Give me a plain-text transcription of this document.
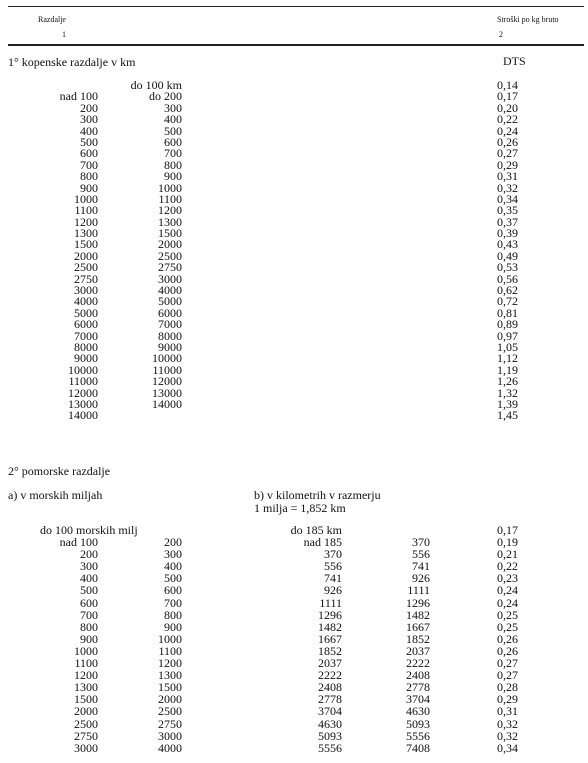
Razdalje
1
Stroški po kg bruto
2
1° kopenske razdalje v km	DTS
nad 100
200
300
400
500
600
700
800
900
1000
1100
1200
1300
1500
2000
2500
2750
3000
4000
5000
6000
7000
8000
9000
10000
11000
12000
13000
14000
do 100 km
do 200
300
400
500
600
700
800
900
1000
1100
1200
1300
1500
2000
2500
2750
3000
4000
5000
6000
7000
8000
9000
10000
11000
12000
13000
14000
0,14
0,17
0,20
0,22
0,24
0,26
0,27
0,29
0,31
0,32
0,34
0,35
0,37
0,39
0,43
0,49
0,53
0,56
0,62
0,72
0,81
0,89
0,97
1,05
1,12
1,19
1,26
1,32
1,39
1,45
2° pomorske razdalje
a) v morskih miljah	b) v kilometrih v razmerju
1 milja = 1,852 km
do 100 morskih milj
nad 100
200
300
400
500
600
700
800
900
1000
1100
1200
1300
1500
2000
2500
2750
3000
200
300
400
500
600
700
800
900
1000
1100
1200
1300
1500
2000
2500
2750
3000
4000
do 185 km
nad 185
370
556
741
926
1111
1296
1482
1667
1852
2037
2222
2408
2778
3704
4630
5093
5556
370
556
741
926
1111
1296
1482
1667
1852
2037
2222
2408
2778
3704
4630
5093
5556
7408
0,17
0,19
0,21
0,22
0,23
0,24
0,24
0,25
0,25
0,26
0,26
0,27
0,27
0,28
0,29
0,31
0,32
0,32
0,34
